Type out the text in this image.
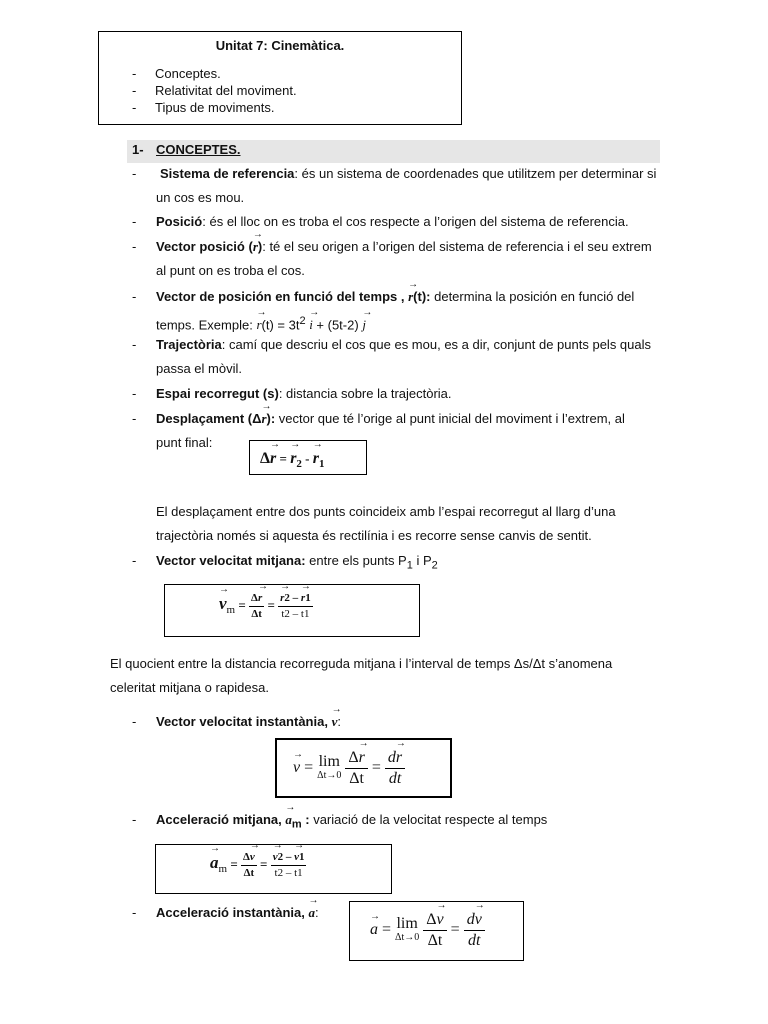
Unitat 7: Cinemàtica.
- Conceptes.
- Relativitat del moviment.
- Tipus de moviments.
1- CONCEPTES.
- Sistema de referencia: és un sistema de coordenades que utilitzem per determinar si
un cos es mou.
- Posició: és el lloc on es troba el cos respecte a l’origen del sistema de referencia.
- Vector posició (→ r): té el seu origen a l’origen del sistema de referencia i el seu extrem
al punt on es troba el cos.
- Vector de posición en funció del temps , → r(t): determina la posición en funció del
temps. Exemple: → $r(t) = 3t^2 \to i + (5t-2) \to j$
- Trajectòria: camí que descriu el cos que es mou, es a dir, conjunt de punts pels quals
passa el mòvil.
- Espai recorregut (s): distancia sobre la trajectòria.
- Desplaçament (Δ→ r): vector que té l’orige al punt inicial del moviment i l’extrem, al
punt final:
Δ→ r = → $r_2$ - → $r_1$
El desplaçament entre dos punts coincideix amb l’espai recorregut al llarg d’una
trajectòria només si aquesta és rectilínia i es recorre sense canvis de sentit.
- Vector velocitat mitjana: entre els punts $P_1$ i $P_2$
→ $v_m = \frac{\Delta\to r}{\Delta t}$ = → $\frac{r2 - \to r1}{t2 - t1}$
El quocient entre la distancia recorreguda mitjana i l’interval de temps Δs/Δt s’anomena
celeritat mitjana o rapidesa.
- Vector velocitat instantània, → v:
→ v = lim
Δt→0
$\frac{\Delta\to r}{\Delta t} = \frac{d\to r}{dt}$
- Acceleració mitjana, → $a_m$ : variació de la velocitat respecte al temps
→ $a_m = \frac{\Delta\to v}{\Delta t}$ = → $\frac{v2 - \to v1}{t2 - t1}$
- Acceleració instantània, → a:
→ a = lim
Δt→0
$\frac{\Delta\to v}{\Delta t} = \frac{d\to v}{dt}$
